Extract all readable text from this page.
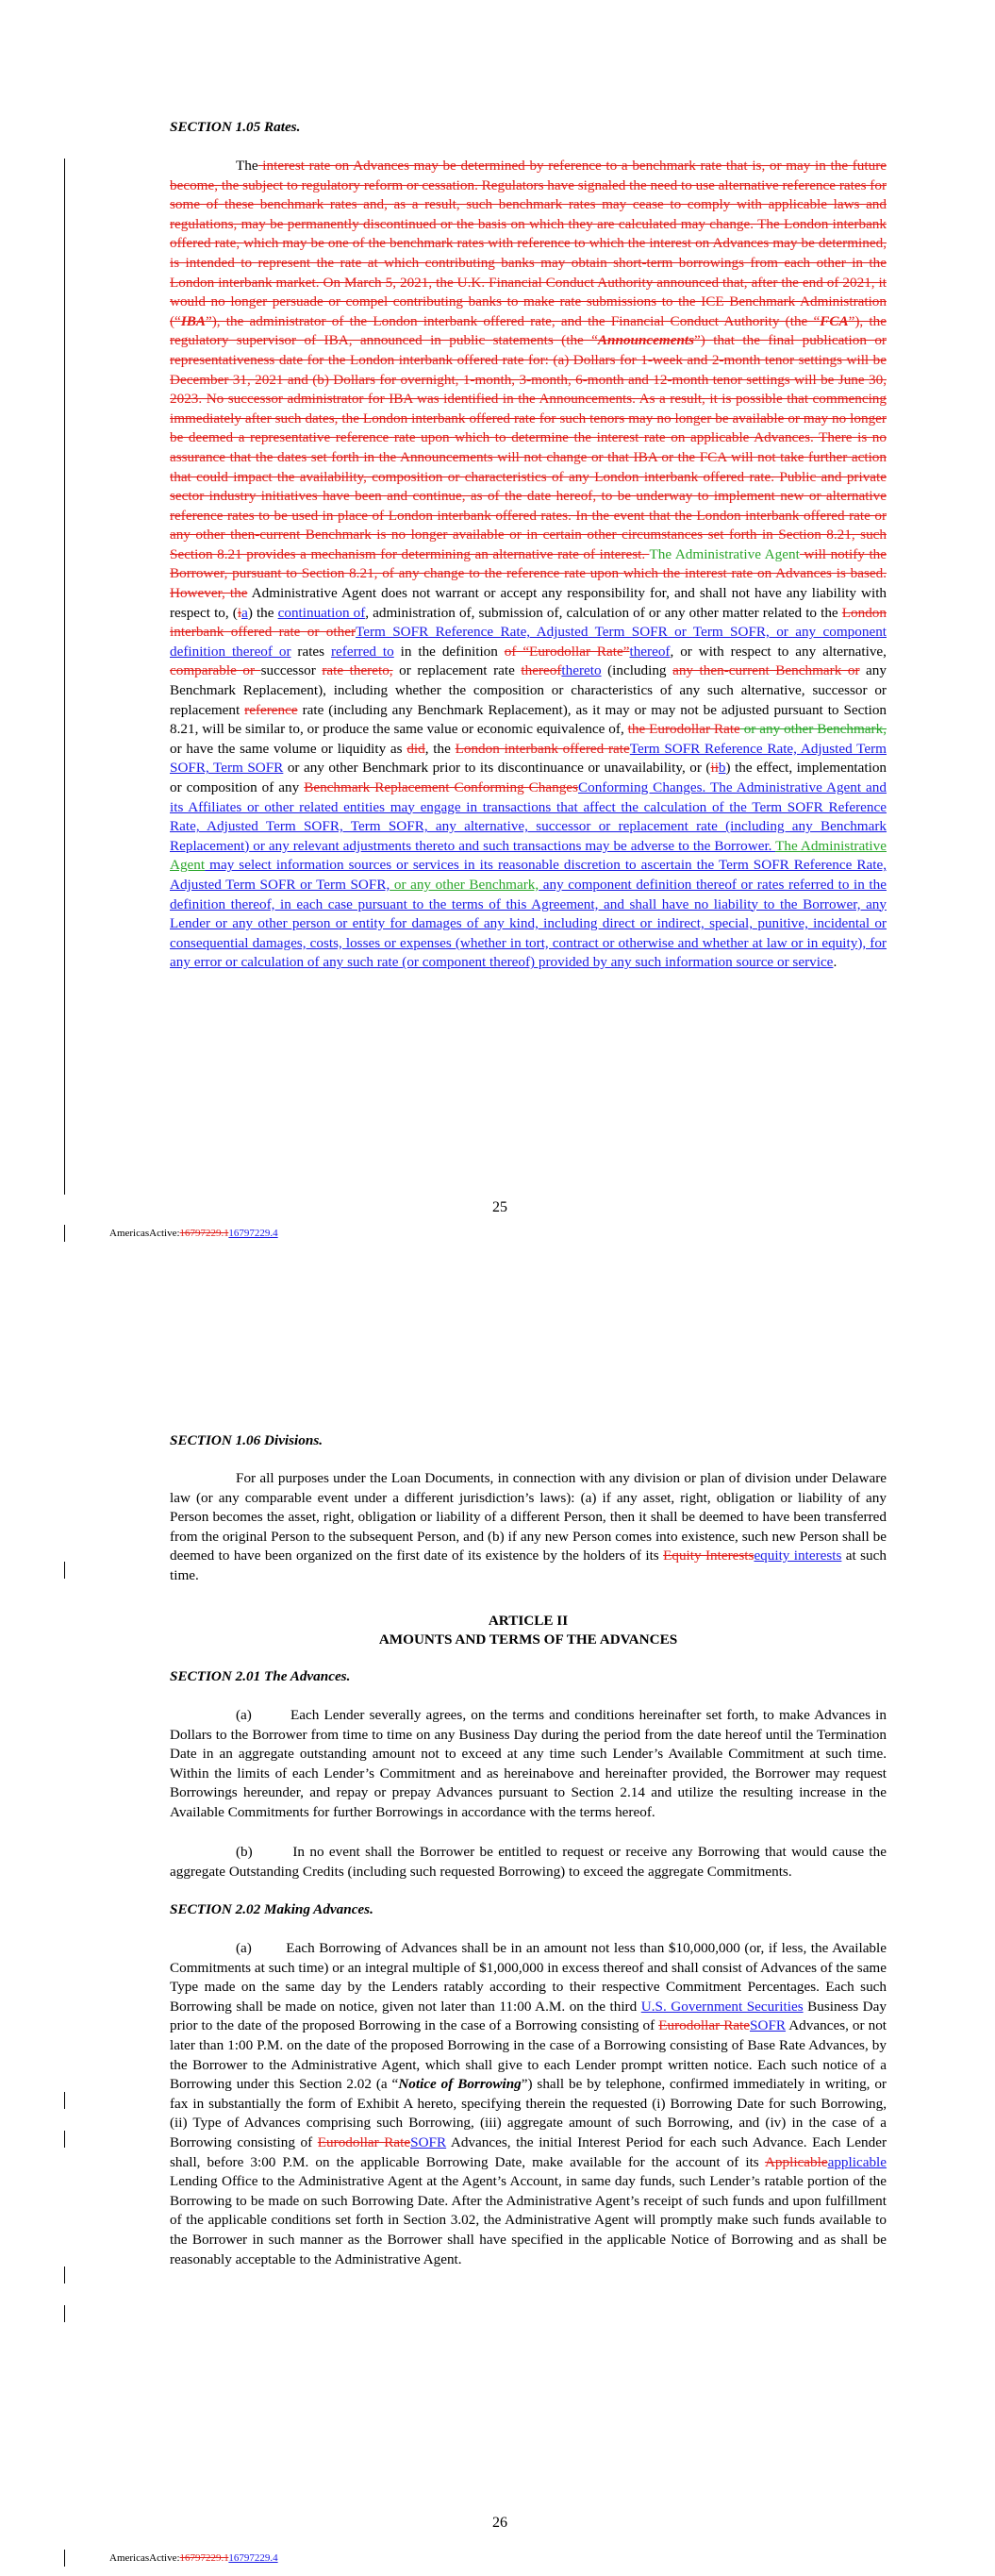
SECTION 1.05 Rates.

The interest rate on Advances may be determined by reference to a benchmark rate that is, or may in the future become, the subject to regulatory reform or cessation. Regulators have signaled the need to use alternative reference rates for some of these benchmark rates and, as a result, such benchmark rates may cease to comply with applicable laws and regulations, may be permanently discontinued or the basis on which they are calculated may change. The London interbank offered rate, which may be one of the benchmark rates with reference to which the interest on Advances may be determined, is intended to represent the rate at which contributing banks may obtain short-term borrowings from each other in the London interbank market. On March 5, 2021, the U.K. Financial Conduct Authority announced that, after the end of 2021, it would no longer persuade or compel contributing banks to make rate submissions to the ICE Benchmark Administration (“IBA”), the administrator of the London interbank offered rate, and the Financial Conduct Authority (the “FCA”), the regulatory supervisor of IBA, announced in public statements (the “Announcements”) that the final publication or representativeness date for the London interbank offered rate for: (a) Dollars for 1-week and 2-month tenor settings will be December 31, 2021 and (b) Dollars for overnight, 1-month, 3-month, 6-month and 12-month tenor settings will be June 30, 2023. No successor administrator for IBA was identified in the Announcements. As a result, it is possible that commencing immediately after such dates, the London interbank offered rate for such tenors may no longer be available or may no longer be deemed a representative reference rate upon which to determine the interest rate on applicable Advances. There is no assurance that the dates set forth in the Announcements will not change or that IBA or the FCA will not take further action that could impact the availability, composition or characteristics of any London interbank offered rate. Public and private sector industry initiatives have been and continue, as of the date hereof, to be underway to implement new or alternative reference rates to be used in place of London interbank offered rates. In the event that the London interbank offered rate or any other then-current Benchmark is no longer available or in certain other circumstances set forth in Section 8.21, such Section 8.21 provides a mechanism for determining an alternative rate of interest. The Administrative Agent will notify the Borrower, pursuant to Section 8.21, of any change to the reference rate upon which the interest rate on Advances is based. However, the Administrative Agent does not warrant or accept any responsibility for, and shall not have any liability with respect to, (ia) the continuation of, administration of, submission of, calculation of or any other matter related to the London interbank offered rate or otherTerm SOFR Reference Rate, Adjusted Term SOFR or Term SOFR, or any component definition thereof or rates referred to in the definition of “Eurodollar Rate”thereof, or with respect to any alternative, comparable or successor rate thereto, or replacement rate thereofthereto (including any then-current Benchmark or any Benchmark Replacement), including whether the composition or characteristics of any such alternative, successor or replacement reference rate (including any Benchmark Replacement), as it may or may not be adjusted pursuant to Section 8.21, will be similar to, or produce the same value or economic equivalence of, the Eurodollar Rate or any other Benchmark, or have the same volume or liquidity as did, the London interbank offered rateTerm SOFR Reference Rate, Adjusted Term SOFR, Term SOFR or any other Benchmark prior to its discontinuance or unavailability, or (iib) the effect, implementation or composition of any Benchmark Replacement Conforming ChangesConforming Changes. The Administrative Agent and its Affiliates or other related entities may engage in transactions that affect the calculation of the Term SOFR Reference Rate, Adjusted Term SOFR, Term SOFR, any alternative, successor or replacement rate (including any Benchmark Replacement) or any relevant adjustments thereto and such transactions may be adverse to the Borrower. The Administrative Agent may select information sources or services in its reasonable discretion to ascertain the Term SOFR Reference Rate, Adjusted Term SOFR or Term SOFR, or any other Benchmark, any component definition thereof or rates referred to in the definition thereof, in each case pursuant to the terms of this Agreement, and shall have no liability to the Borrower, any Lender or any other person or entity for damages of any kind, including direct or indirect, special, punitive, incidental or consequential damages, costs, losses or expenses (whether in tort, contract or otherwise and whether at law or in equity), for any error or calculation of any such rate (or component thereof) provided by any such information source or service.

25
AmericasActive:16797229.116797229.4
SECTION 1.06 Divisions.

For all purposes under the Loan Documents, in connection with any division or plan of division under Delaware law (or any comparable event under a different jurisdiction’s laws): (a) if any asset, right, obligation or liability of any Person becomes the asset, right, obligation or liability of a different Person, then it shall be deemed to have been transferred from the original Person to the subsequent Person, and (b) if any new Person comes into existence, such new Person shall be deemed to have been organized on the first date of its existence by the holders of its Equity Interestsequity interests at such time.

ARTICLE II
AMOUNTS AND TERMS OF THE ADVANCES
SECTION 2.01 The Advances.

(a)        Each Lender severally agrees, on the terms and conditions hereinafter set forth, to make Advances in Dollars to the Borrower from time to time on any Business Day during the period from the date hereof until the Termination Date in an aggregate outstanding amount not to exceed at any time such Lender’s Available Commitment at such time. Within the limits of each Lender’s Commitment and as hereinabove and hereinafter provided, the Borrower may request Borrowings hereunder, and repay or prepay Advances pursuant to Section 2.14 and utilize the resulting increase in the Available Commitments for further Borrowings in accordance with the terms hereof.

(b)        In no event shall the Borrower be entitled to request or receive any Borrowing that would cause the aggregate Outstanding Credits (including such requested Borrowing) to exceed the aggregate Commitments.

SECTION 2.02 Making Advances.

(a)        Each Borrowing of Advances shall be in an amount not less than $10,000,000 (or, if less, the Available Commitments at such time) or an integral multiple of $1,000,000 in excess thereof and shall consist of Advances of the same Type made on the same day by the Lenders ratably according to their respective Commitment Percentages. Each such Borrowing shall be made on notice, given not later than 11:00 A.M. on the third U.S. Government Securities Business Day prior to the date of the proposed Borrowing in the case of a Borrowing consisting of Eurodollar RateSOFR Advances, or not later than 1:00 P.M. on the date of the proposed Borrowing in the case of a Borrowing consisting of Base Rate Advances, by the Borrower to the Administrative Agent, which shall give to each Lender prompt written notice. Each such notice of a Borrowing under this Section 2.02 (a “Notice of Borrowing”) shall be by telephone, confirmed immediately in writing, or fax in substantially the form of Exhibit A hereto, specifying therein the requested (i) Borrowing Date for such Borrowing, (ii) Type of Advances comprising such Borrowing, (iii) aggregate amount of such Borrowing, and (iv) in the case of a Borrowing consisting of Eurodollar RateSOFR Advances, the initial Interest Period for each such Advance. Each Lender shall, before 3:00 P.M. on the applicable Borrowing Date, make available for the account of its Applicableapplicable Lending Office to the Administrative Agent at the Agent’s Account, in same day funds, such Lender’s ratable portion of the Borrowing to be made on such Borrowing Date. After the Administrative Agent’s receipt of such funds and upon fulfillment of the applicable conditions set forth in Section 3.02, the Administrative Agent will promptly make such funds available to the Borrower in such manner as the Borrower shall have specified in the applicable Notice of Borrowing and as shall be reasonably acceptable to the Administrative Agent.

26
AmericasActive:16797229.116797229.4
